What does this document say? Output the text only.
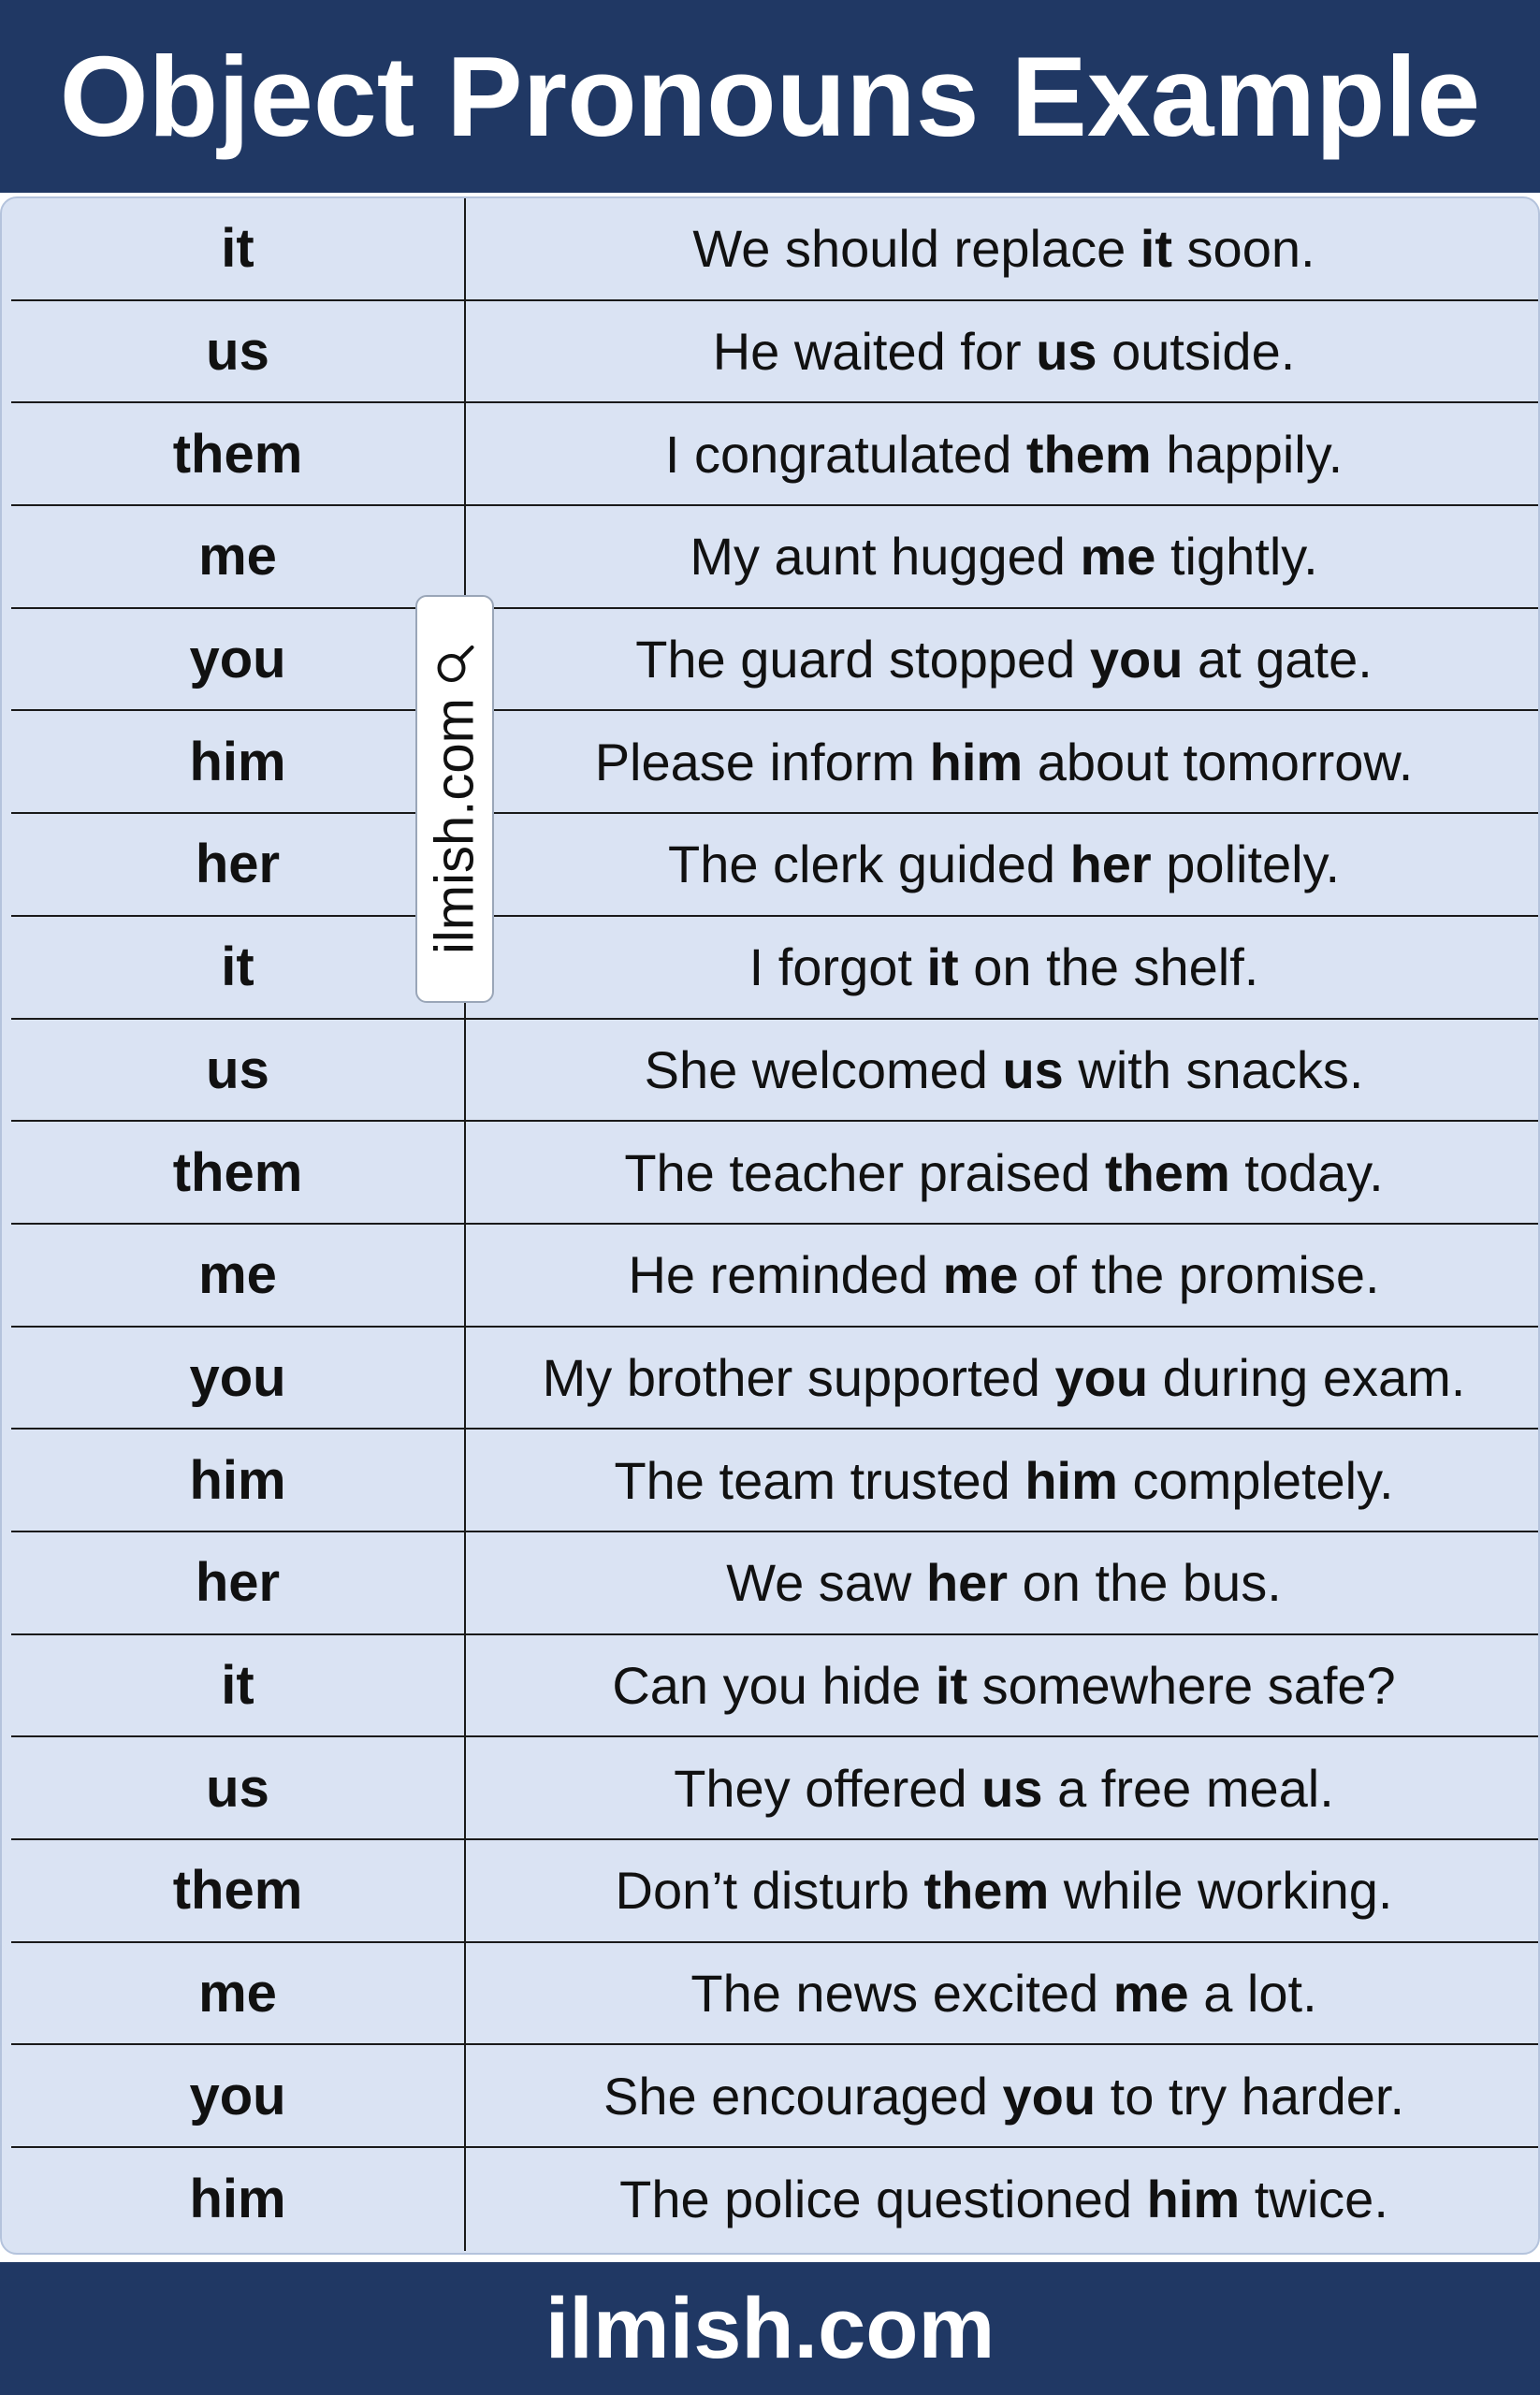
Object Pronouns Example
it	We should replace it soon.
us	He waited for us outside.
them	I congratulated them happily.
me	My aunt hugged me tightly.
you	The guard stopped you at gate.
him	Please inform him about tomorrow.
her	The clerk guided her politely.
it	I forgot it on the shelf.
us	She welcomed us with snacks.
them	The teacher praised them today.
me	He reminded me of the promise.
you	My brother supported you during exam.
him	The team trusted him completely.
her	We saw her on the bus.
it	Can you hide it somewhere safe?
us	They offered us a free meal.
them	Don’t disturb them while working.
me	The news excited me a lot.
you	She encouraged you to try harder.
him	The police questioned him twice.
ilmish.com
ilmish.com
